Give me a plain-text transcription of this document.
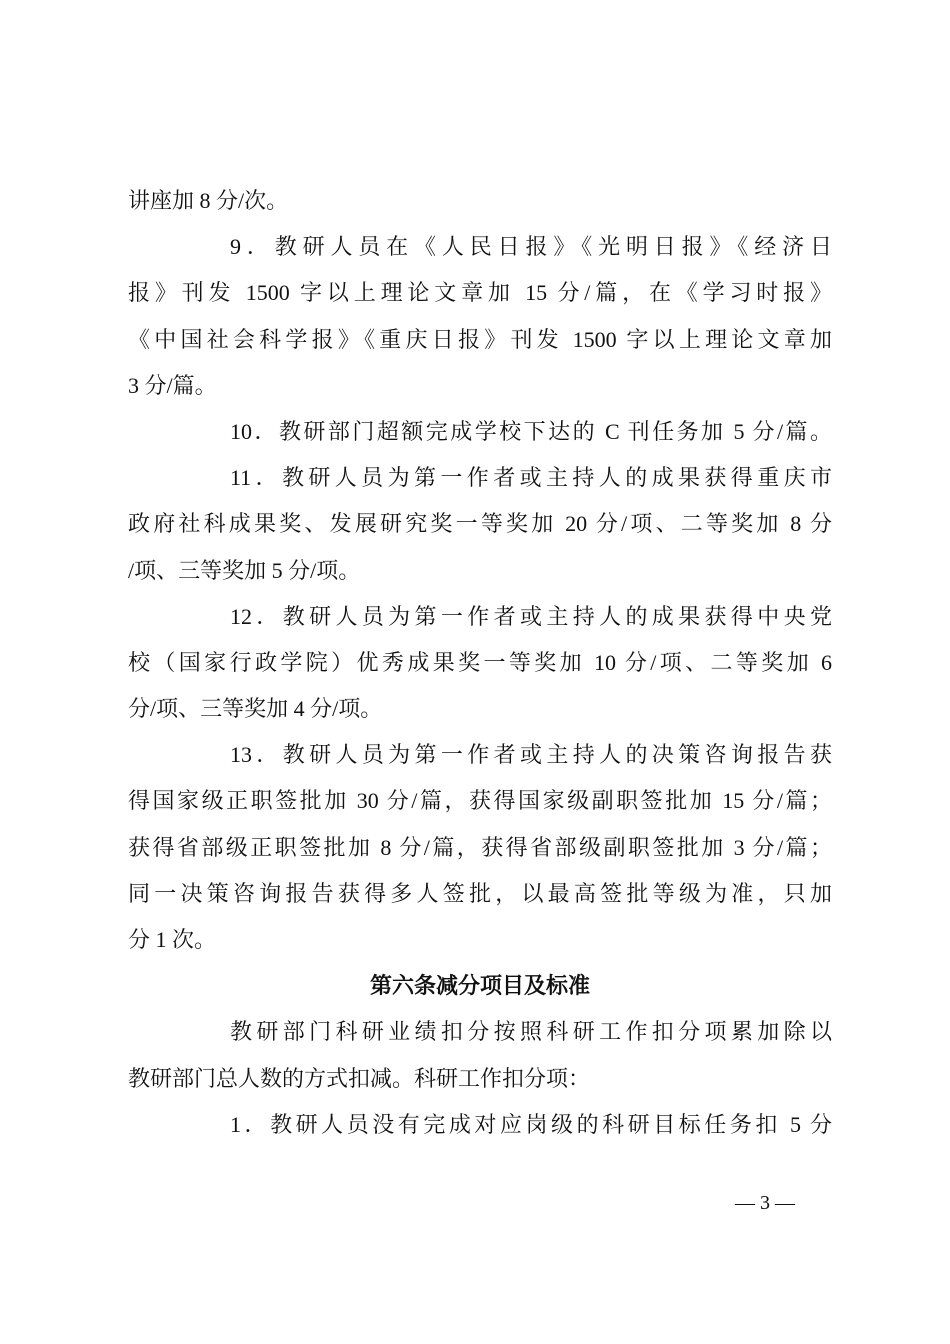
讲座加 8 分/次。
9．教研人员在《人民日报》《光明日报》《经济日
报》刊发 1500 字以上理论文章加 15 分/篇，在《学习时报》
《中国社会科学报》《重庆日报》刊发 1500 字以上理论文章加
3 分/篇。
10．教研部门超额完成学校下达的 C 刊任务加 5 分/篇。
11．教研人员为第一作者或主持人的成果获得重庆市
政府社科成果奖、发展研究奖一等奖加 20 分/项、二等奖加 8 分
/项、三等奖加 5 分/项。
12．教研人员为第一作者或主持人的成果获得中央党
校（国家行政学院）优秀成果奖一等奖加 10 分/项、二等奖加 6
分/项、三等奖加 4 分/项。
13．教研人员为第一作者或主持人的决策咨询报告获
得国家级正职签批加 30 分/篇，获得国家级副职签批加 15 分/篇；
获得省部级正职签批加 8 分/篇，获得省部级副职签批加 3 分/篇；
同一决策咨询报告获得多人签批，以最高签批等级为准，只加
分 1 次。
第六条减分项目及标准
教研部门科研业绩扣分按照科研工作扣分项累加除以
教研部门总人数的方式扣减。科研工作扣分项：
1．教研人员没有完成对应岗级的科研目标任务扣 5 分
— 3 —
